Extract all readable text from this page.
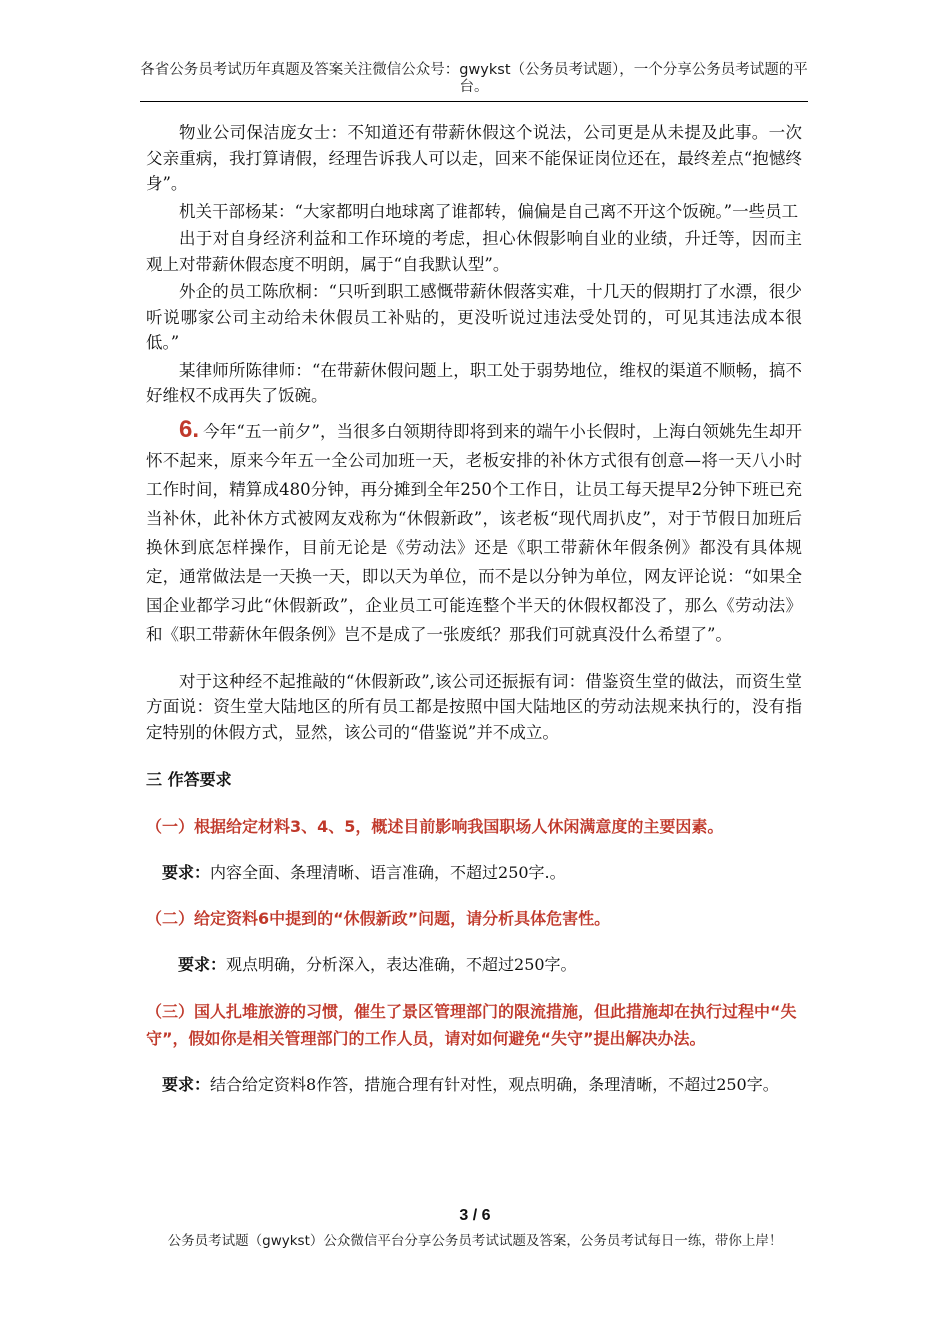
各省公务员考试历年真题及答案关注微信公众号：gwykst（公务员考试题），一个分享公务员考试题的平台。

物业公司保洁庞女士：不知道还有带薪休假这个说法，公司更是从未提及此事。一次父亲重病，我打算请假，经理告诉我人可以走，回来不能保证岗位还在，最终差点“抱憾终身”。

机关干部杨某：“大家都明白地球离了谁都转，偏偏是自己离不开这个饭碗。”一些员工

出于对自身经济利益和工作环境的考虑，担心休假影响自业的业绩，升迁等，因而主观上对带薪休假态度不明朗，属于“自我默认型”。

外企的员工陈欣桐：“只听到职工感慨带薪休假落实难，十几天的假期打了水漂，很少听说哪家公司主动给未休假员工补贴的，更没听说过违法受处罚的，可见其违法成本很低。”

某律师所陈律师：“在带薪休假问题上，职工处于弱势地位，维权的渠道不顺畅，搞不好维权不成再失了饭碗。

6. 今年“五一前夕”，当很多白领期待即将到来的端午小长假时，上海白领姚先生却开怀不起来，原来今年五一全公司加班一天，老板安排的补休方式很有创意—将一天八小时工作时间，精算成480分钟，再分摊到全年250个工作日，让员工每天提早2分钟下班已充当补休，此补休方式被网友戏称为“休假新政”，该老板“现代周扒皮”，对于节假日加班后换休到底怎样操作，目前无论是《劳动法》还是《职工带薪休年假条例》都没有具体规定，通常做法是一天换一天，即以天为单位，而不是以分钟为单位，网友评论说：“如果全国企业都学习此“休假新政”，企业员工可能连整个半天的休假权都没了，那么《劳动法》和《职工带薪休年假条例》岂不是成了一张废纸？那我们可就真没什么希望了”。

对于这种经不起推敲的“休假新政”,该公司还振振有词：借鉴资生堂的做法，而资生堂方面说：资生堂大陆地区的所有员工都是按照中国大陆地区的劳动法规来执行的，没有指定特别的休假方式，显然，该公司的“借鉴说”并不成立。

三 作答要求

（一）根据给定材料3、4、5，概述目前影响我国职场人休闲满意度的主要因素。

要求：内容全面、条理清晰、语言准确，不超过250字.。

（二）给定资料6中提到的“休假新政”问题，请分析具体危害性。

要求：观点明确，分析深入，表达准确，不超过250字。

（三）国人扎堆旅游的习惯，催生了景区管理部门的限流措施，但此措施却在执行过程中“失守”，假如你是相关管理部门的工作人员，请对如何避免“失守”提出解决办法。

要求：结合给定资料8作答，措施合理有针对性，观点明确，条理清晰，不超过250字。

3 / 6
公务员考试题（gwykst）公众微信平台分享公务员考试试题及答案，公务员考试每日一练，带你上岸！
